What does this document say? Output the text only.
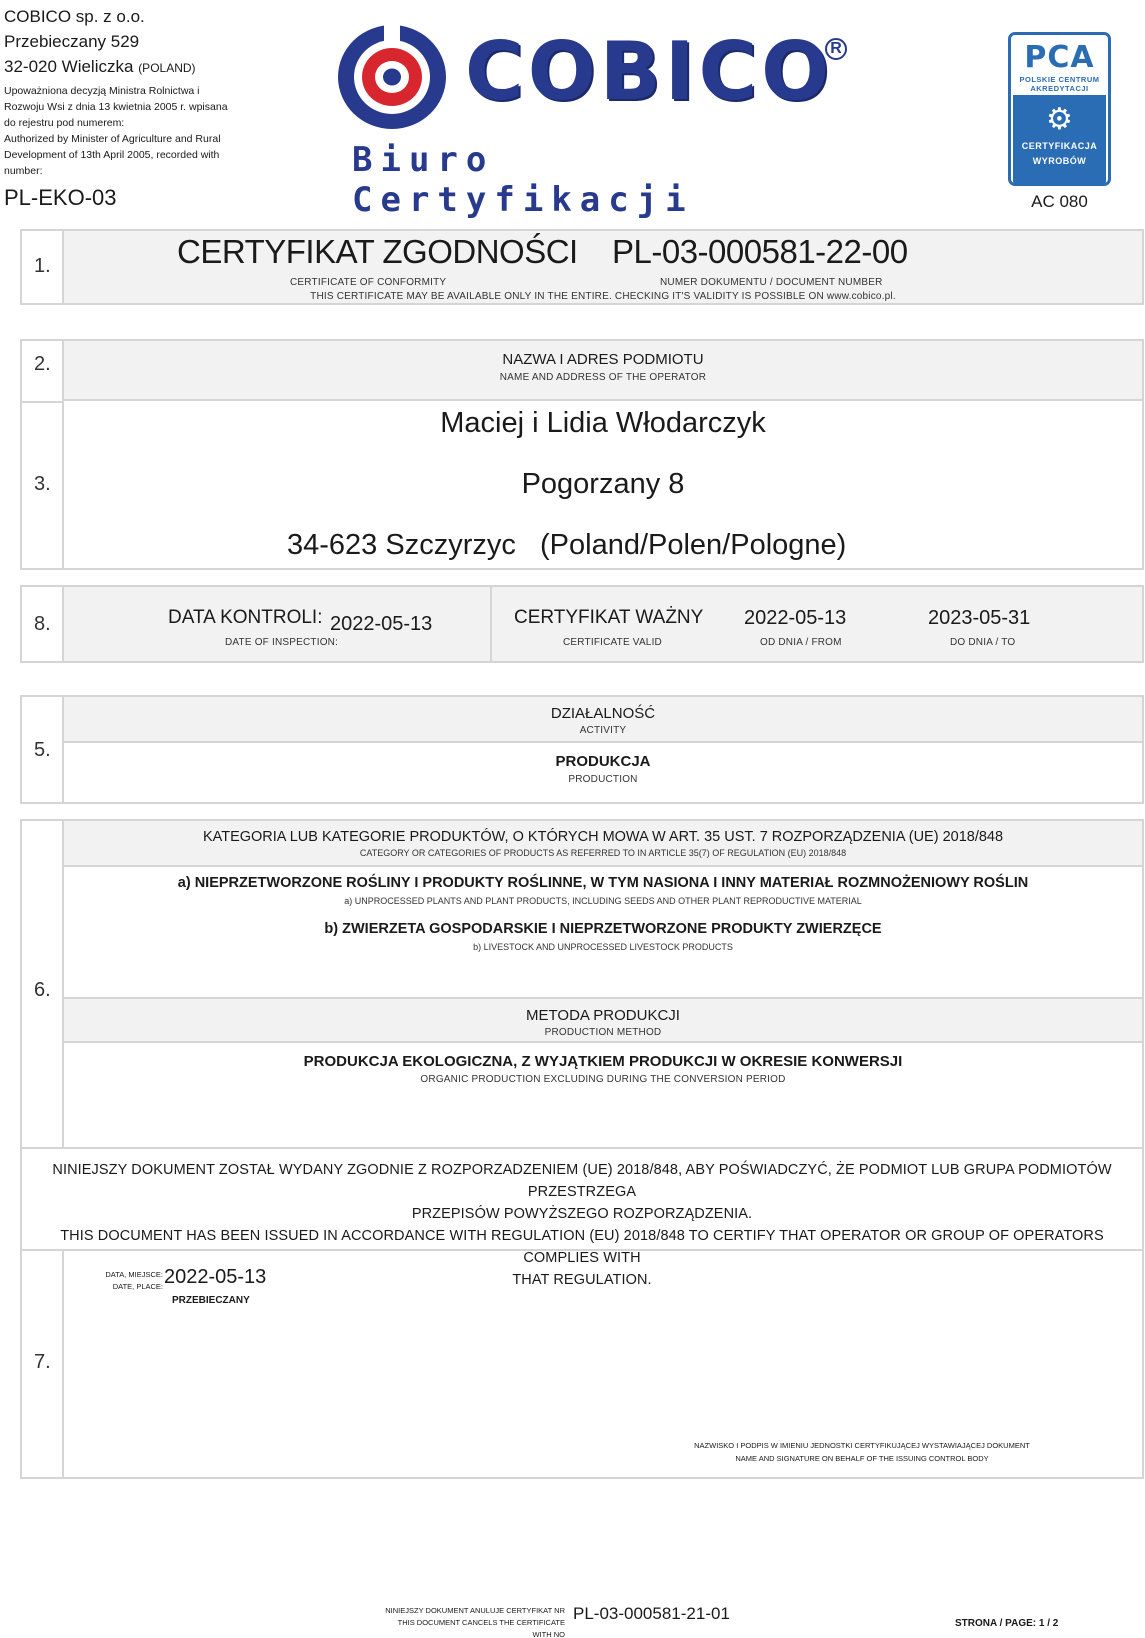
COBICO sp. z o.o.
Przebieczany 529
32-020 Wieliczka (POLAND)
Upoważniona decyzją Ministra Rolnictwa i
Rozwoju Wsi z dnia 13 kwietnia 2005 r. wpisana
do rejestru pod numerem:
Authorized by Minister of Agriculture and Rural
Development of 13th April 2005, recorded with
number:
PL-EKO-03
COBICO
R
Biuro Certyfikacji
PCA
POLSKIE CENTRUM
AKREDYTACJI
⚙
CERTYFIKACJA
WYROBÓW
AC 080
1.	CERTYFIKAT ZGODNOŚCI
CERTIFICATE OF CONFORMITY
PL-03-000581-22-00
NUMER DOKUMENTU / DOCUMENT NUMBER
THIS CERTIFICATE MAY BE AVAILABLE ONLY IN THE ENTIRE. CHECKING IT'S VALIDITY IS POSSIBLE ON www.cobico.pl.
2.
3.
NAZWA I ADRES PODMIOTU
NAME AND ADDRESS OF THE OPERATOR
Maciej i Lidia Włodarczyk
Pogorzany 8
34-623 Szczyrzyc (Poland/Polen/Pologne)
8.	DATA KONTROLI: 2022-05-13
DATE OF INSPECTION:
CERTYFIKAT WAŻNY
CERTIFICATE VALID
2022-05-13
OD DNIA / FROM
2023-05-31
DO DNIA / TO
5.
DZIAŁALNOŚĆ
ACTIVITY
PRODUKCJA
PRODUCTION
6.
KATEGORIA LUB KATEGORIE PRODUKTÓW, O KTÓRYCH MOWA W ART. 35 UST. 7 ROZPORZĄDZENIA (UE) 2018/848
CATEGORY OR CATEGORIES OF PRODUCTS AS REFERRED TO IN ARTICLE 35(7) OF REGULATION (EU) 2018/848
a) NIEPRZETWORZONE ROŚLINY I PRODUKTY ROŚLINNE, W TYM NASIONA I INNY MATERIAŁ ROZMNOŻENIOWY ROŚLIN
a) UNPROCESSED PLANTS AND PLANT PRODUCTS, INCLUDING SEEDS AND OTHER PLANT REPRODUCTIVE MATERIAL
b) ZWIERZETA GOSPODARSKIE I NIEPRZETWORZONE PRODUKTY ZWIERZĘCE
b) LIVESTOCK AND UNPROCESSED LIVESTOCK PRODUCTS
METODA PRODUKCJI
PRODUCTION METHOD
PRODUKCJA EKOLOGICZNA, Z WYJĄTKIEM PRODUKCJI W OKRESIE KONWERSJI
ORGANIC PRODUCTION EXCLUDING DURING THE CONVERSION PERIOD
NINIEJSZY DOKUMENT ZOSTAŁ WYDANY ZGODNIE Z ROZPORZADZENIEM (UE) 2018/848, ABY POŚWIADCZYĆ, ŻE PODMIOT LUB GRUPA PODMIOTÓW PRZESTRZEGA
PRZEPISÓW POWYŻSZEGO ROZPORZĄDZENIA.
THIS DOCUMENT HAS BEEN ISSUED IN ACCORDANCE WITH REGULATION (EU) 2018/848 TO CERTIFY THAT OPERATOR OR GROUP OF OPERATORS COMPLIES WITH
THAT REGULATION.
7.
DATA, MIEJSCE:
DATE, PLACE: 2022-05-13
PRZEBIECZANY
NAZWISKO I PODPIS W IMIENIU JEDNOSTKI CERTYFIKUJĄCEJ WYSTAWIAJĄCEJ DOKUMENT
NAME AND SIGNATURE ON BEHALF OF THE ISSUING CONTROL BODY
NINIEJSZY DOKUMENT ANULUJE CERTYFIKAT NR
THIS DOCUMENT CANCELS THE CERTIFICATE WITH NO
PL-03-000581-21-01
STRONA / PAGE: 1 / 2
